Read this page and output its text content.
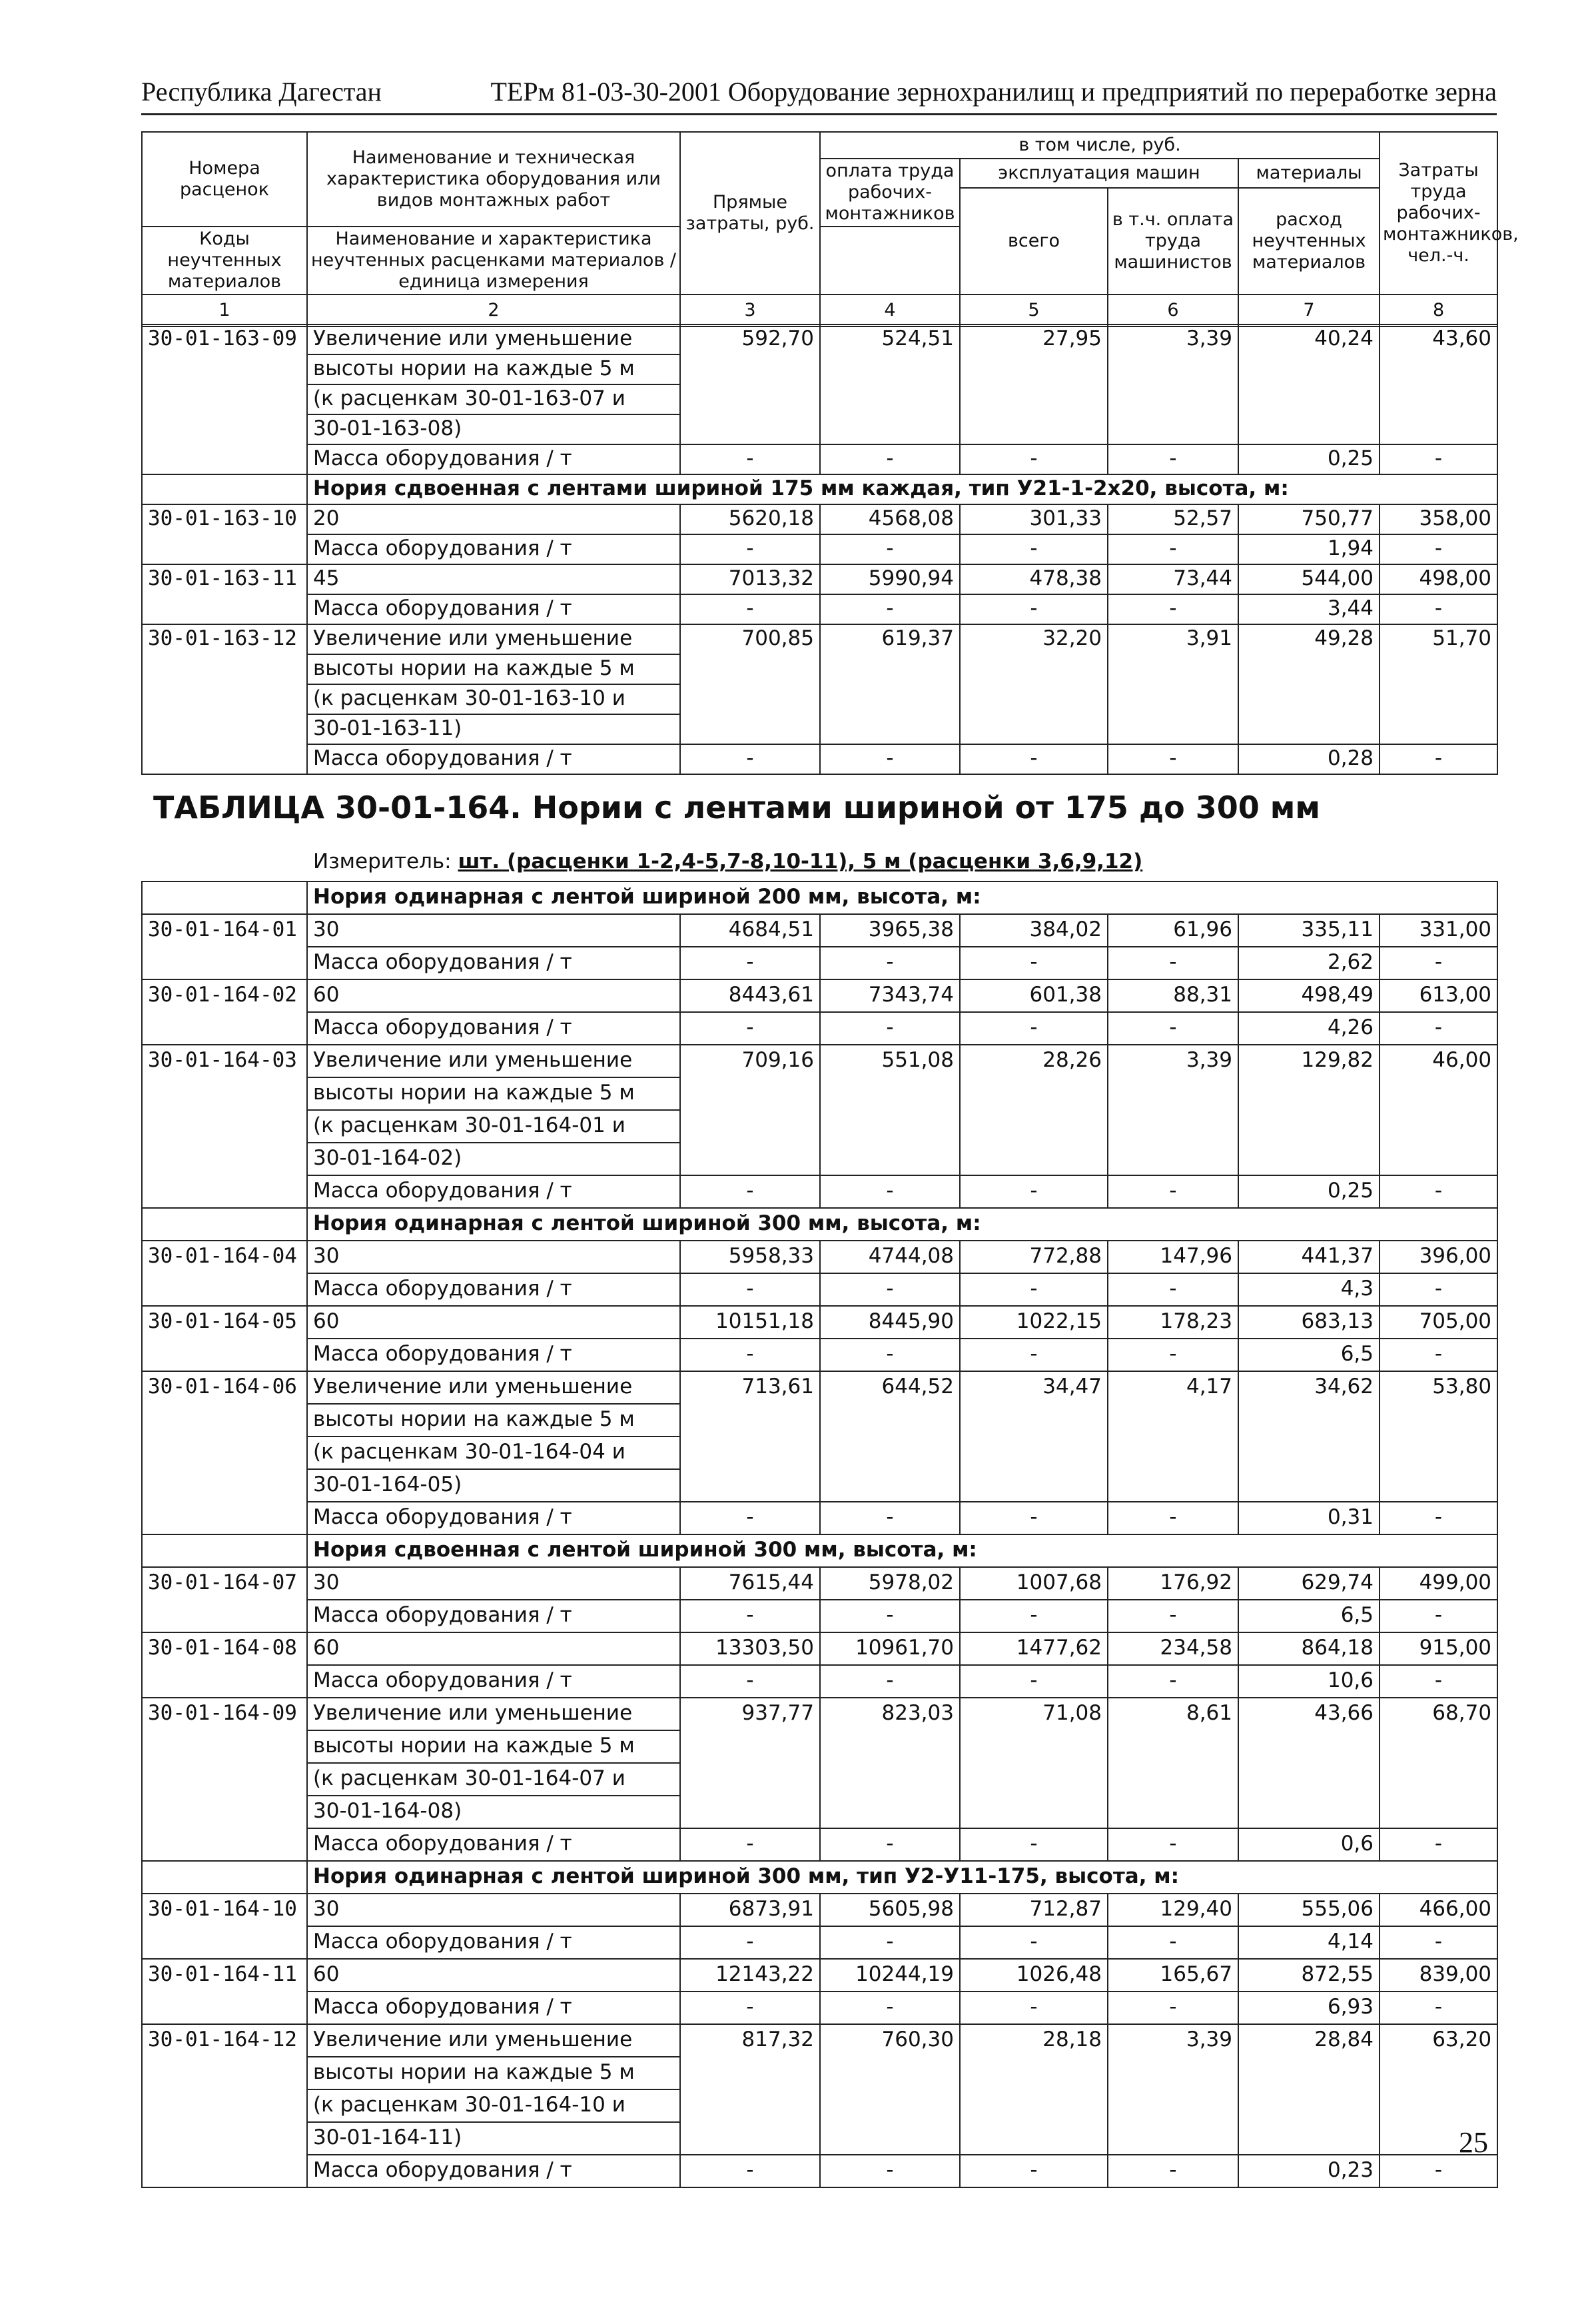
Республика Дагестан	ТЕРм 81-03-30-2001 Оборудование зернохранилищ и предприятий по переработке зерна
Номера расценок	Наименование и техническая характеристика оборудования или видов монтажных работ	Прямые затраты, руб.	в том числе, руб.				Затраты труда рабочих-монтажников, чел.-ч.
			оплата труда рабочих-монтажников	эксплуатация машин		материалы	
				всего	в т.ч. оплата труда машинистов	расход неучтенных материалов	
Коды неучтенных материалов	Наименование и характеристика неучтенных расценками материалов / единица измерения						

1	2	3	4	5	6	7	8
30-01-163-09	Увеличение или уменьшение	592,70	524,51	27,95	3,39	40,24	43,60
	высоты нории на каждые 5 м						
	(к расценкам 30-01-163-07 и						
	30-01-163-08)						
	Масса оборудования / т	-	-	-	-	0,25	-
	Нория сдвоенная с лентами шириной 175 мм каждая, тип У21-1-2х20, высота, м:						
30-01-163-10	20	5620,18	4568,08	301,33	52,57	750,77	358,00
	Масса оборудования / т	-	-	-	-	1,94	-
30-01-163-11	45	7013,32	5990,94	478,38	73,44	544,00	498,00
	Масса оборудования / т	-	-	-	-	3,44	-
30-01-163-12	Увеличение или уменьшение	700,85	619,37	32,20	3,91	49,28	51,70
	высоты нории на каждые 5 м						
	(к расценкам 30-01-163-10 и						
	30-01-163-11)						
	Масса оборудования / т	-	-	-	-	0,28	-
ТАБЛИЦА 30-01-164. Нории с лентами шириной от 175 до 300 мм
Измеритель: шт. (расценки 1-2,4-5,7-8,10-11), 5 м (расценки 3,6,9,12)
	Нория одинарная с лентой шириной 200 мм, высота, м:						
30-01-164-01	30	4684,51	3965,38	384,02	61,96	335,11	331,00
	Масса оборудования / т	-	-	-	-	2,62	-
30-01-164-02	60	8443,61	7343,74	601,38	88,31	498,49	613,00
	Масса оборудования / т	-	-	-	-	4,26	-
30-01-164-03	Увеличение или уменьшение	709,16	551,08	28,26	3,39	129,82	46,00
	высоты нории на каждые 5 м						
	(к расценкам 30-01-164-01 и						
	30-01-164-02)						
	Масса оборудования / т	-	-	-	-	0,25	-
	Нория одинарная с лентой шириной 300 мм, высота, м:						
30-01-164-04	30	5958,33	4744,08	772,88	147,96	441,37	396,00
	Масса оборудования / т	-	-	-	-	4,3	-
30-01-164-05	60	10151,18	8445,90	1022,15	178,23	683,13	705,00
	Масса оборудования / т	-	-	-	-	6,5	-
30-01-164-06	Увеличение или уменьшение	713,61	644,52	34,47	4,17	34,62	53,80
	высоты нории на каждые 5 м						
	(к расценкам 30-01-164-04 и						
	30-01-164-05)						
	Масса оборудования / т	-	-	-	-	0,31	-
	Нория сдвоенная с лентой шириной 300 мм, высота, м:						
30-01-164-07	30	7615,44	5978,02	1007,68	176,92	629,74	499,00
	Масса оборудования / т	-	-	-	-	6,5	-
30-01-164-08	60	13303,50	10961,70	1477,62	234,58	864,18	915,00
	Масса оборудования / т	-	-	-	-	10,6	-
30-01-164-09	Увеличение или уменьшение	937,77	823,03	71,08	8,61	43,66	68,70
	высоты нории на каждые 5 м						
	(к расценкам 30-01-164-07 и						
	30-01-164-08)						
	Масса оборудования / т	-	-	-	-	0,6	-
	Нория одинарная с лентой шириной 300 мм, тип У2-У11-175, высота, м:						
30-01-164-10	30	6873,91	5605,98	712,87	129,40	555,06	466,00
	Масса оборудования / т	-	-	-	-	4,14	-
30-01-164-11	60	12143,22	10244,19	1026,48	165,67	872,55	839,00
	Масса оборудования / т	-	-	-	-	6,93	-
30-01-164-12	Увеличение или уменьшение	817,32	760,30	28,18	3,39	28,84	63,20
	высоты нории на каждые 5 м						
	(к расценкам 30-01-164-10 и						
	30-01-164-11)						
	Масса оборудования / т	-	-	-	-	0,23	-
25
